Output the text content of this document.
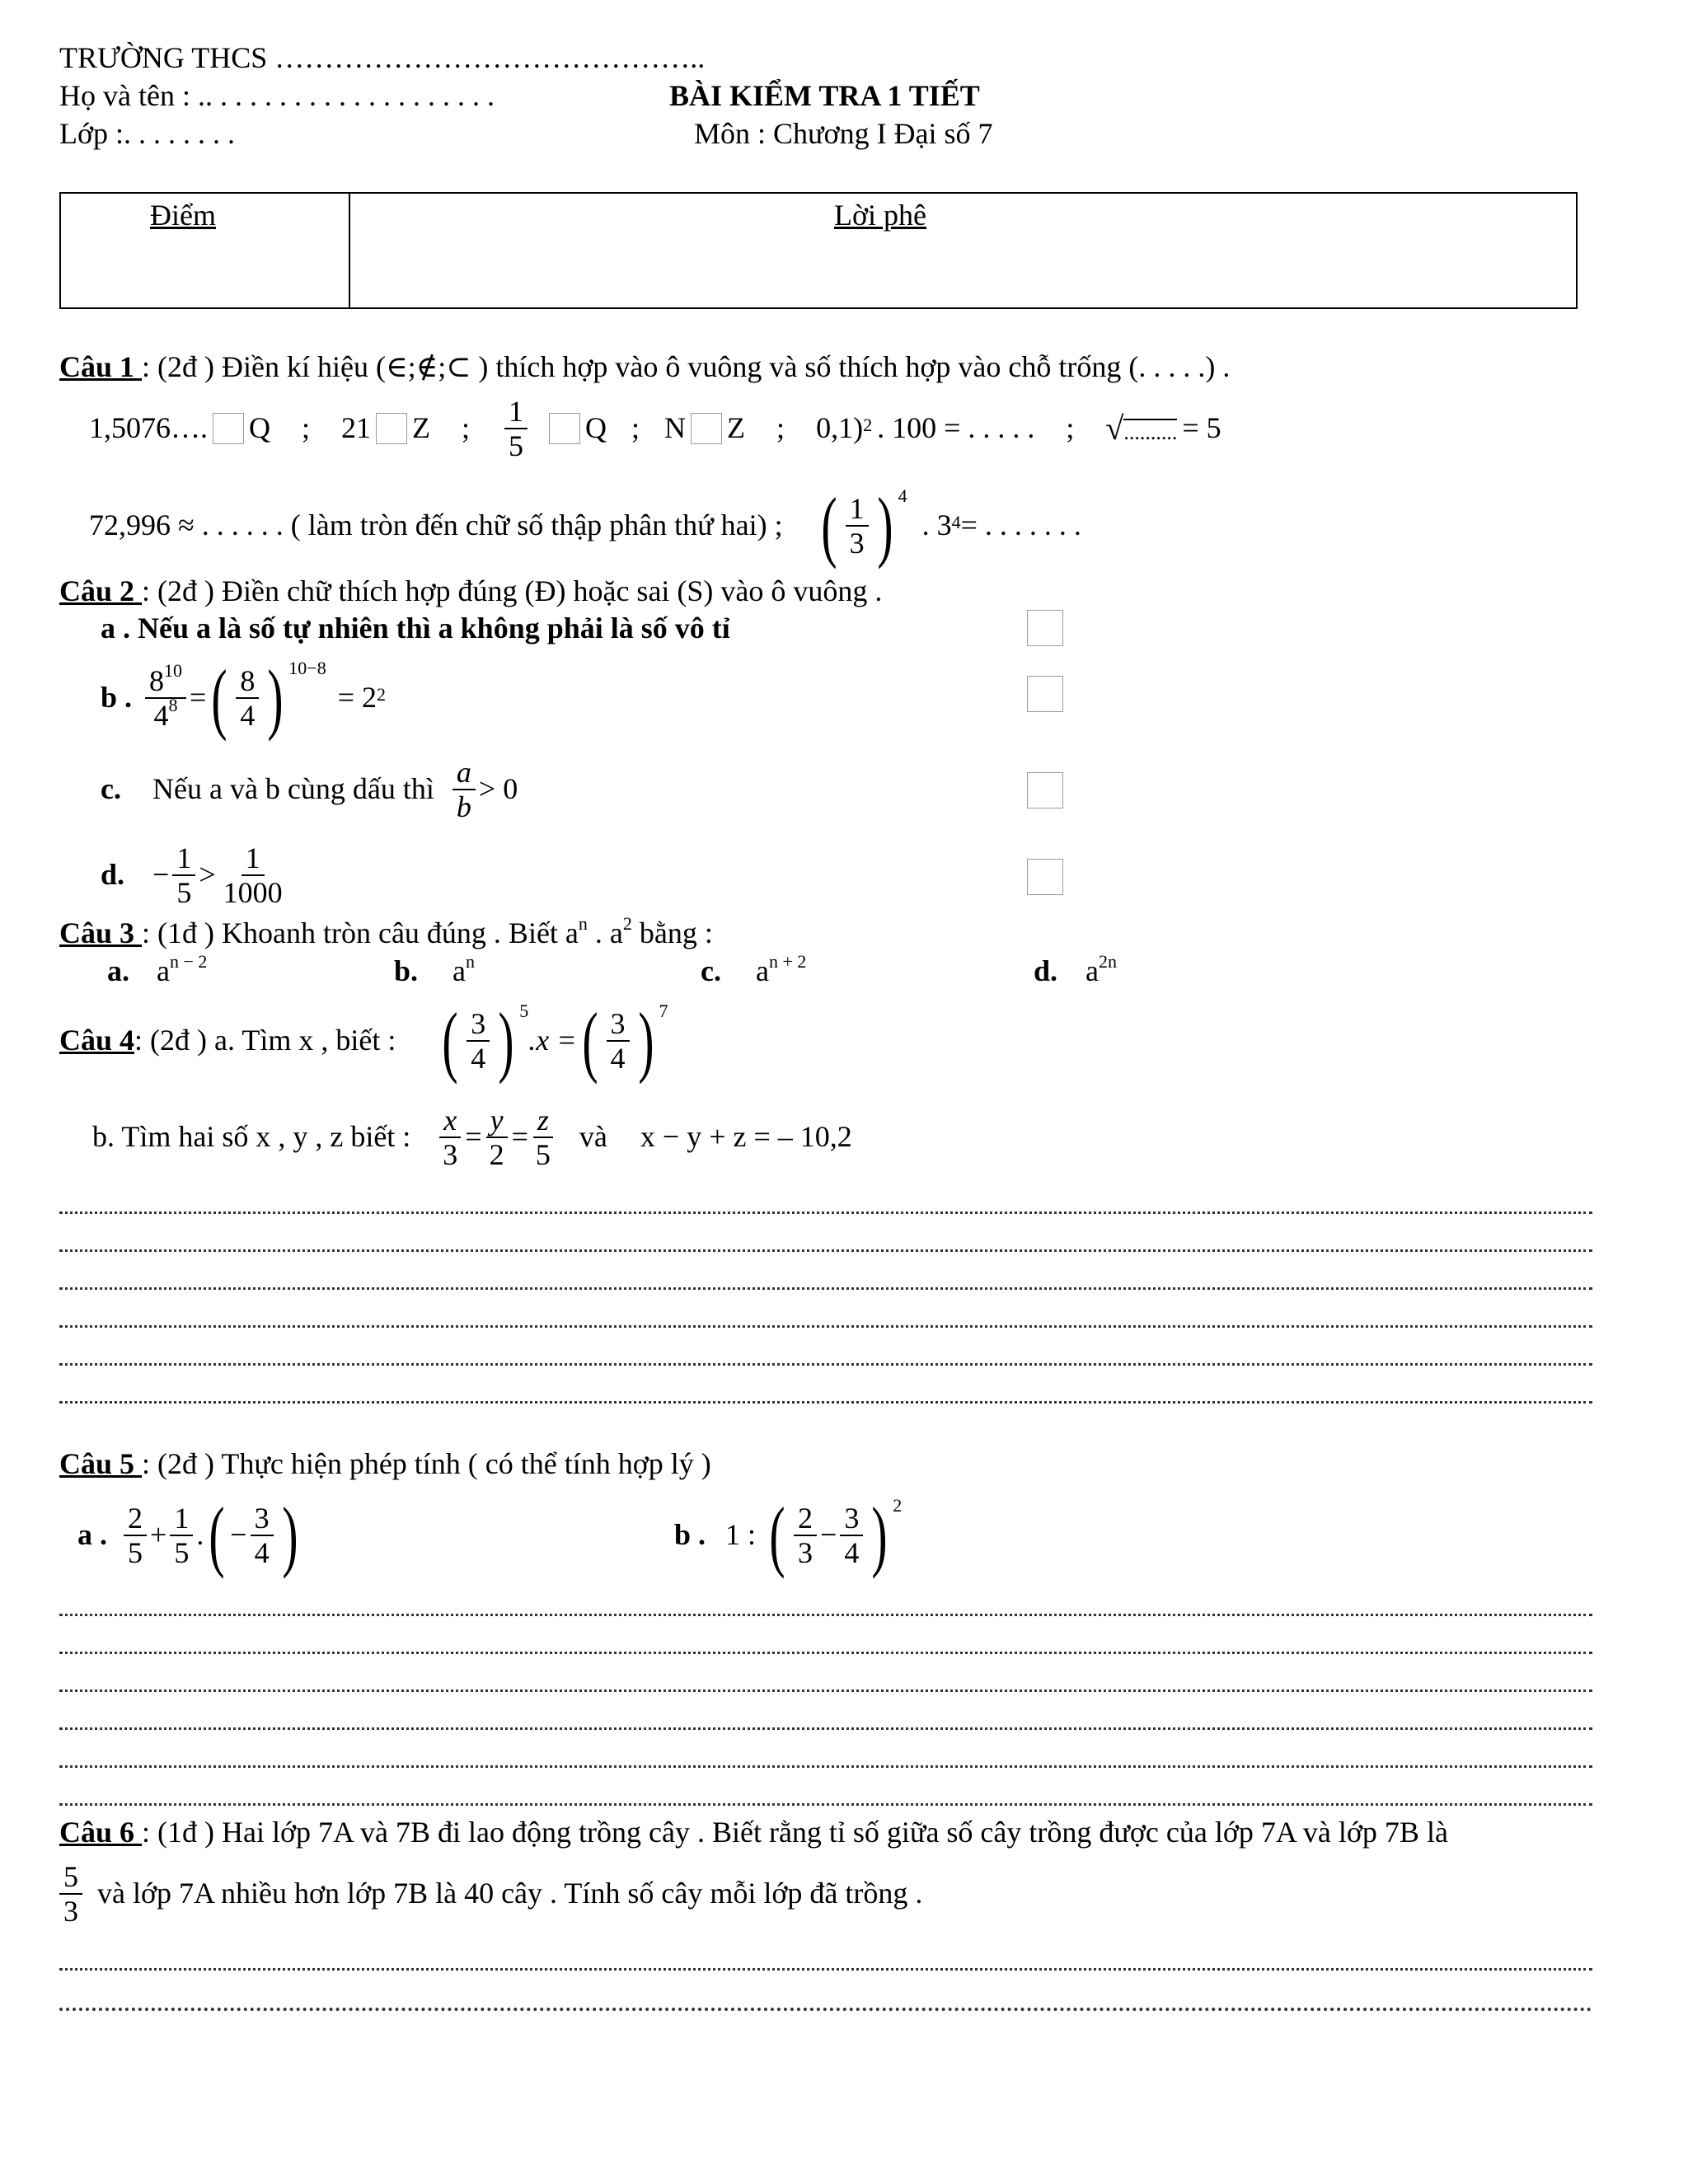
TRƯỜNG THCS ……………………………………..
Họ và tên : .. . . . . . . . . . . . . . . . . . . .
Lớp :. . . . . . . .
BÀI KIỂM TRA 1 TIẾT
Môn : Chương I Đại số 7
Điểm	Lời phê
Câu 1 : (2đ ) Điền kí hiệu (∈;∉;⊂ ) thích hợp vào ô vuông và số thích hợp vào chỗ trống (. . . . .) .
1,5076…. Q ; 21 Z ; $\frac{1}{5}$ Q ; N Z ; 0,1) 2 . 100 = . . . . . ; √.......... = 5
72,996 ≈ . . . . . . ( làm tròn đến chữ số thập phân thứ hai) ; ( $\frac{1}{3}$ ) 4
. 3 4 = . . . . . . .
Câu 2 : (2đ ) Điền chữ thích hợp đúng (Đ) hoặc sai (S) vào ô vuông .
a . Nếu a là số tự nhiên thì a không phải là số vô tỉ
b . $\frac{8^{10}}{4^8}$ = ( $\frac{8}{4}$ ) 10−8
= 2 2
c. Nếu a và b cùng dấu thì $\frac{a}{b} > 0$
d. − $\frac{1}{5} > \frac{1}{1000}$
Câu 3 : (1đ ) Khoanh tròn câu đúng . Biết $a^n$ . $a^2$ bằng :
a. $a^{n - 2}$	b. $a^n$	c. $a^{n + 2}$	d. $a^{2n}$
Câu 4 : (2đ ) a. Tìm x , biết : ( $\frac{3}{4}$ ) 5
.x = ( $\frac{3}{4}$ ) 7
b. Tìm hai số x , y , z biết : $\frac{x}{3} = \frac{y}{2} = \frac{z}{5}$ và x − y + z = – 10,2
Câu 5 : (2đ ) Thực hiện phép tính ( có thể tính hợp lý )
a . $\frac{2}{5} + \frac{1}{5}$ . ( − $\frac{3}{4}$ )	b . 1 : ( $\frac{2}{3} - \frac{3}{4}$ ) 2
Câu 6 : (1đ ) Hai lớp 7A và 7B đi lao động trồng cây . Biết rằng tỉ số giữa số cây trồng được của lớp 7A và lớp 7B là
$\frac{5}{3}$ và lớp 7A nhiều hơn lớp 7B là 40 cây . Tính số cây mỗi lớp đã trồng .
